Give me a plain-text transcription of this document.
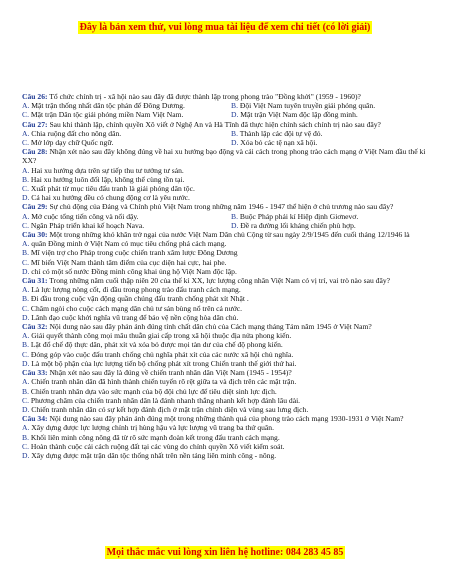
Đây là bản xem thử, vui lòng mua tài liệu để xem chi tiết (có lời giải)

Câu 26: Tổ chức chính trị - xã hội nào sau đây đã được thành lập trong phong trào "Đồng khởi" (1959 - 1960)?

A. Mặt trận thống nhất dân tộc phản đế Đông Dương.	B. Đội Việt Nam tuyên truyền giải phóng quân.

C. Mặt trận Dân tộc giải phóng miền Nam Việt Nam.	D. Mặt trận Việt Nam độc lập đồng minh.

Câu 27: Sau khi thành lập, chính quyền Xô viết ở Nghệ An và Hà Tĩnh đã thực hiện chính sách chính trị nào sau đây?

A. Chia ruộng đất cho nông dân.	B. Thành lập các đội tự vệ đỏ.

C. Mở lớp dạy chữ Quốc ngữ.	D. Xóa bỏ các tệ nạn xã hội.

Câu 28: Nhận xét nào sau đây không đúng về hai xu hướng bạo động và cải cách trong phong trào cách mạng ở Việt Nam đầu thế kỉ XX?

A. Hai xu hướng dựa trên sự tiếp thu tư tưởng tư sản.

B. Hai xu hướng luôn đối lập, không thể cùng tồn tại.

C. Xuất phát từ mục tiêu đấu tranh là giải phóng dân tộc.

D. Cả hai xu hướng đều có chung động cơ là yêu nước.

Câu 29: Sự chủ động của Đảng và Chính phủ Việt Nam trong những năm 1946 - 1947 thể hiện ở chủ trương nào sau đây?

A. Mở cuộc tổng tiến công và nổi dậy.	B. Buộc Pháp phải kí Hiệp định Giơnevơ.

C. Ngăn Pháp triển khai kế hoạch Nava.	D. Đề ra đường lối kháng chiến phù hợp.

Câu 30: Một trong những khó khăn trở ngại của nước Việt Nam Dân chủ Cộng từ sau ngày 2/9/1945 đến cuối tháng 12/1946 là

A. quân Đồng minh ở Việt Nam có mục tiêu chống phá cách mạng.

B. Mĩ viện trợ cho Pháp trong cuộc chiến tranh xâm lược Đông Dương

C. Mĩ biến Việt Nam thành tâm điểm của cục diện hai cực, hai phe.

D. chỉ có một số nước Đồng minh công khai ủng hộ Việt Nam độc lập.

Câu 31: Trong những năm cuối thập niên 20 của thế kỉ XX, lực lượng công nhân Việt Nam có vị trí, vai trò nào sau đây?

A. Là lực lượng nòng cốt, đi đầu trong phong trào đấu tranh cách mạng.

B. Đi đầu trong cuộc vận động quần chúng đấu tranh chống phát xít Nhật .

C. Chăm ngòi cho cuộc cách mạng dân chủ tư sản bùng nổ trên cả nước.

D. Lãnh đạo cuộc khởi nghĩa vũ trang để bảo vệ nền cộng hòa dân chủ.

Câu 32: Nội dung nào sau đây phản ánh đúng tính chất dân chủ của Cách mạng tháng Tám năm 1945 ở Việt Nam?

A. Giải quyết thành công mọi mâu thuẫn giai cấp trong xã hội thuộc địa nửa phong kiến.

B. Lật đổ chế độ thực dân, phát xít và xóa bỏ được mọi tàn dư của chế độ phong kiến.

C. Đóng góp vào cuộc đấu tranh chống chủ nghĩa phát xít của các nước xã hội chủ nghĩa.

D. Là một bộ phận của lực lượng tiến bộ chống phát xít trong Chiến tranh thế giới thứ hai.

Câu 33: Nhận xét nào sau đây là đúng về chiến tranh nhân dân Việt Nam (1945 - 1954)?

A. Chiến tranh nhân dân đã hình thành chiến tuyến rõ rệt giữa ta và địch trên các mặt trận.

B. Chiến tranh nhân dựa vào sức mạnh của bộ đội chủ lực để tiêu diệt sinh lực địch.

C. Phương châm của chiến tranh nhân dân là đánh nhanh thắng nhanh kết hợp đánh lâu dài.

D. Chiến tranh nhân dân có sự kết hợp đánh địch ở mặt trận chính diện và vùng sau lưng địch.

Câu 34: Nội dung nào sau đây phản ánh đúng một trong những thành quả của phong trào cách mạng 1930-1931 ở Việt Nam?

A. Xây dựng được lực lượng chính trị hùng hậu và lực lượng vũ trang ba thứ quân.

B. Khối liên minh công nông đã từ rõ sức mạnh đoàn kết trong đấu tranh cách mạng.

C. Hoàn thành cuộc cải cách ruộng đất tại các vùng do chính quyền Xô viết kiểm soát.

D. Xây dựng được mặt trận dân tộc thống nhất trên nền tảng liên minh công - nông.

Mọi thắc mắc vui lòng xin liên hệ hotline: 084 283 45 85
